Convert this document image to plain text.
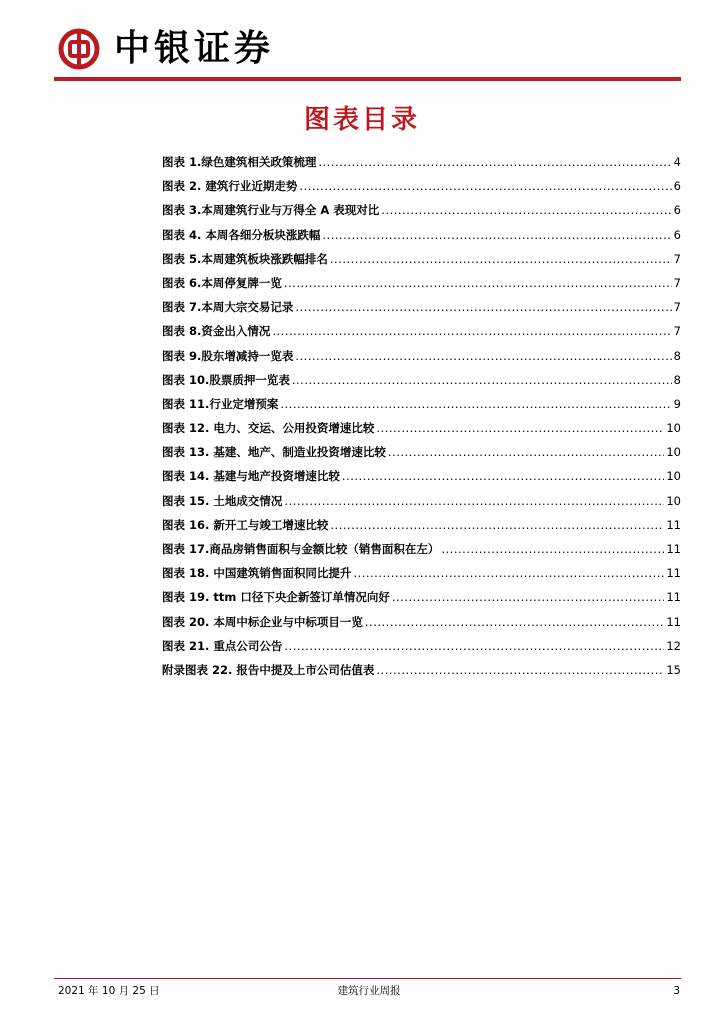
中银证券
图表目录
图表 1.绿色建筑相关政策梳理 .....	4
图表 2. 建筑行业近期走势 .....	6
图表 3.本周建筑行业与万得全 A 表现对比 .....	6
图表 4. 本周各细分板块涨跌幅 .....	6
图表 5.本周建筑板块涨跌幅排名 .....	7
图表 6.本周停复牌一览 .....	7
图表 7.本周大宗交易记录 .....	7
图表 8.资金出入情况 .....	7
图表 9.股东增减持一览表 .....	8
图表 10.股票质押一览表 .....	8
图表 11.行业定增预案 .....	9
图表 12. 电力、交运、公用投资增速比较 .....	10
图表 13. 基建、地产、制造业投资增速比较 .....	10
图表 14. 基建与地产投资增速比较 .....	10
图表 15. 土地成交情况 .....	10
图表 16. 新开工与竣工增速比较 .....	11
图表 17.商品房销售面积与金额比较（销售面积在左） .....	11
图表 18. 中国建筑销售面积同比提升 .....	11
图表 19. ttm 口径下央企新签订单情况向好 .....	11
图表 20. 本周中标企业与中标项目一览 .....	11
图表 21. 重点公司公告 .....	12
附录图表 22. 报告中提及上市公司估值表 .....	15
2021 年 10 月 25 日	建筑行业周报	3
